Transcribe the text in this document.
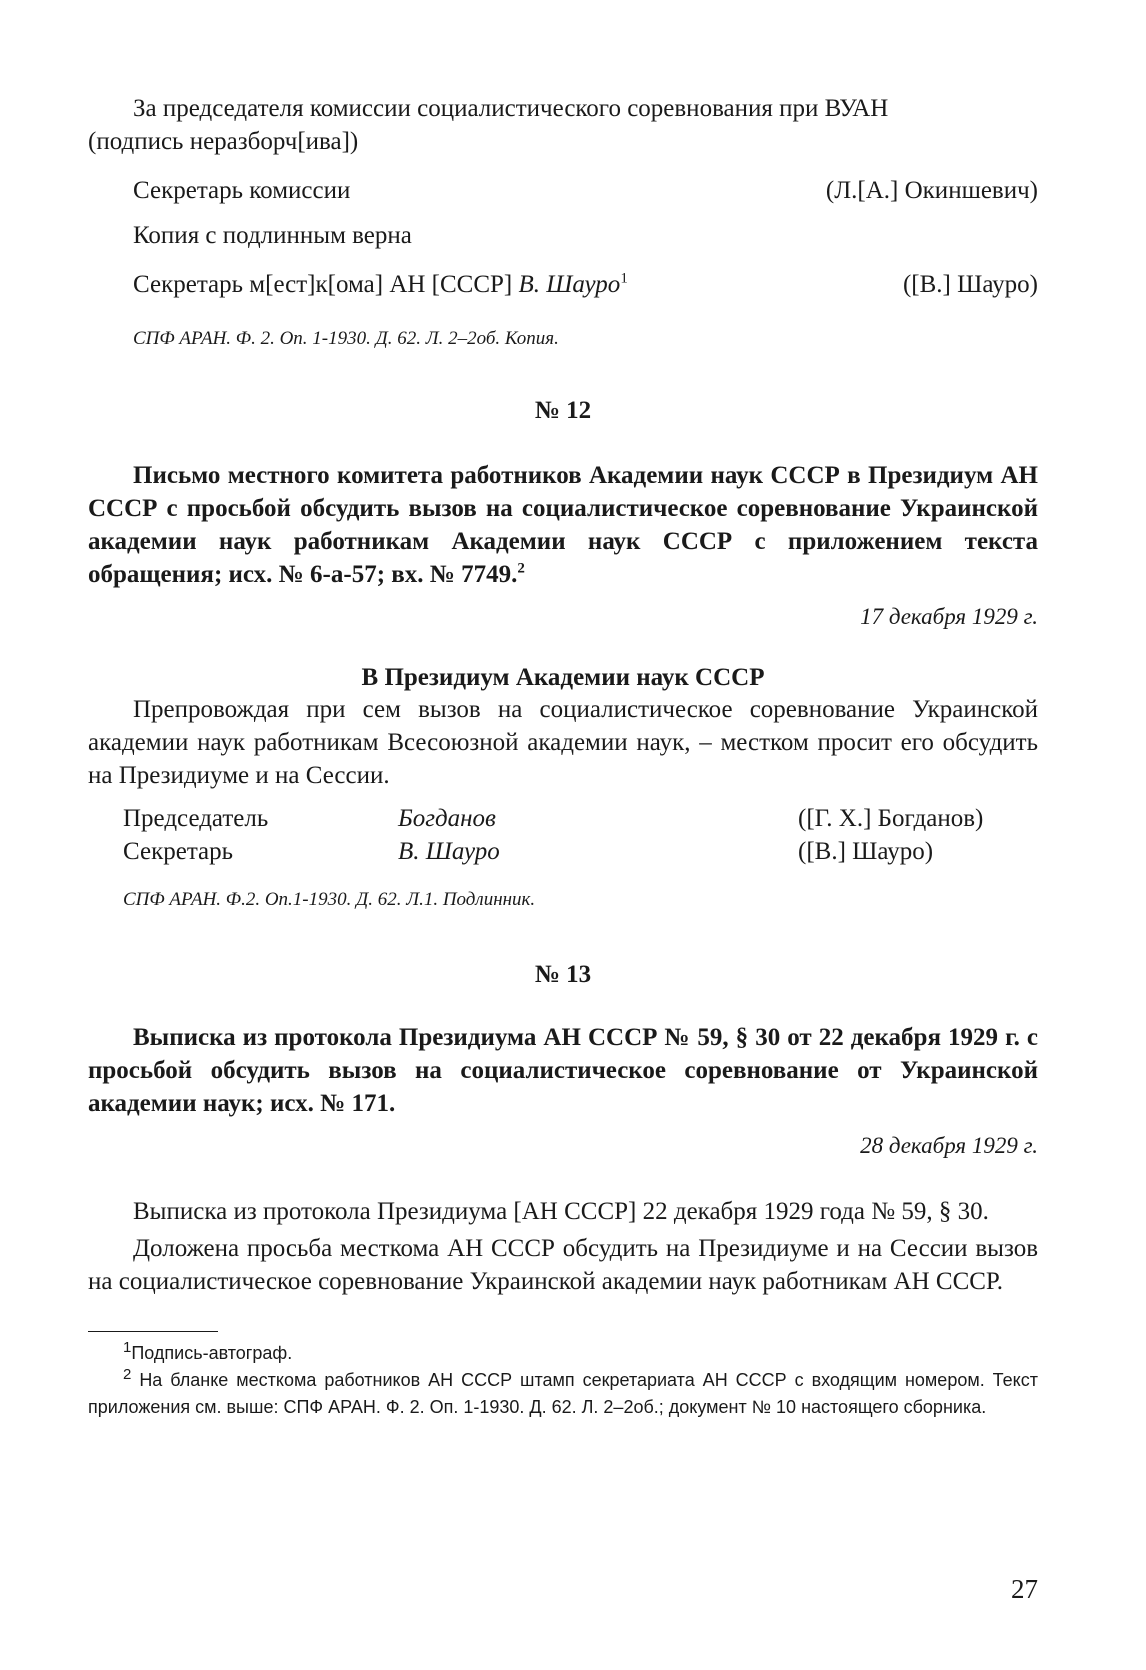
За председателя комиссии социалистического соревнования при ВУАН

(подпись неразборч[ива])

Секретарь комиссии	(Л.[А.] Окиншевич)

Копия с подлинным верна

Секретарь м[ест]к[ома] АН [СССР] В. Шауро$^1$	([В.] Шауро)

СПФ АРАН. Ф. 2. Оп. 1-1930. Д. 62. Л. 2–2об. Копия.

№ 12

Письмо местного комитета работников Академии наук СССР в Президиум АН СССР с просьбой обсудить вызов на социалистическое соревнование Украинской академии наук работникам Академии наук СССР с приложением текста обращения; исх. № 6-а-57; вх. № 7749.$^2$

17 декабря 1929 г.

В Президиум Академии наук СССР

Препровождая при сем вызов на социалистическое соревнование Украинской академии наук работникам Всесоюзной академии наук, – местком просит его обсудить на Президиуме и на Сессии.

Председатель	Богданов	([Г. Х.] Богданов)

Секретарь	В. Шауро	([В.] Шауро)

СПФ АРАН. Ф.2. Оп.1-1930. Д. 62. Л.1. Подлинник.

№ 13

Выписка из протокола Президиума АН СССР № 59, § 30 от 22 декабря 1929 г. с просьбой обсудить вызов на социалистическое соревнование от Украинской академии наук; исх. № 171.

28 декабря 1929 г.

Выписка из протокола Президиума [АН СССР] 22 декабря 1929 года № 59, § 30.

Доложена просьба месткома АН СССР обсудить на Президиуме и на Сессии вызов на социалистическое соревнование Украинской академии наук работникам АН СССР.

$^1$Подпись-автограф.

$^2$ На бланке месткома работников АН СССР штамп секретариата АН СССР с входящим номером. Текст приложения см. выше: СПФ АРАН. Ф. 2. Оп. 1-1930. Д. 62. Л. 2–2об.; документ № 10 настоящего сборника.

27
